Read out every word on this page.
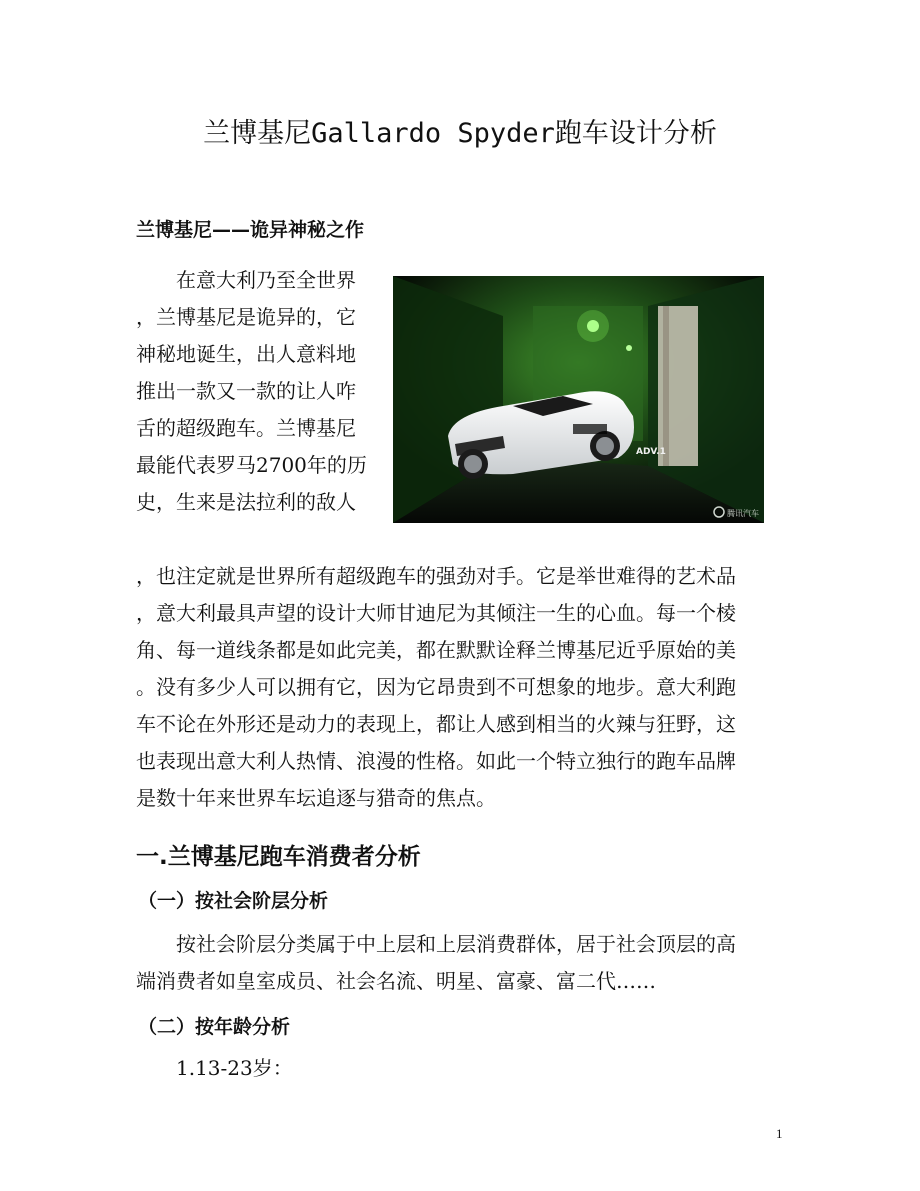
兰博基尼Gallardo Spyder跑车设计分析
兰博基尼——诡异神秘之作
在意大利乃至全世界
，兰博基尼是诡异的，它
神秘地诞生，出人意料地
推出一款又一款的让人咋
舌的超级跑车。兰博基尼
最能代表罗马2700年的历
史，生来是法拉利的敌人
ADV.1
腾讯汽车
，也注定就是世界所有超级跑车的强劲对手。它是举世难得的艺术品
，意大利最具声望的设计大师甘迪尼为其倾注一生的心血。每一个棱
角、每一道线条都是如此完美，都在默默诠释兰博基尼近乎原始的美
。没有多少人可以拥有它，因为它昂贵到不可想象的地步。意大利跑
车不论在外形还是动力的表现上，都让人感到相当的火辣与狂野，这
也表现出意大利人热情、浪漫的性格。如此一个特立独行的跑车品牌
是数十年来世界车坛追逐与猎奇的焦点。
一.兰博基尼跑车消费者分析
（一）按社会阶层分析
按社会阶层分类属于中上层和上层消费群体，居于社会顶层的高
端消费者如皇室成员、社会名流、明星、富豪、富二代……
（二）按年龄分析
1.13-23岁：

1
